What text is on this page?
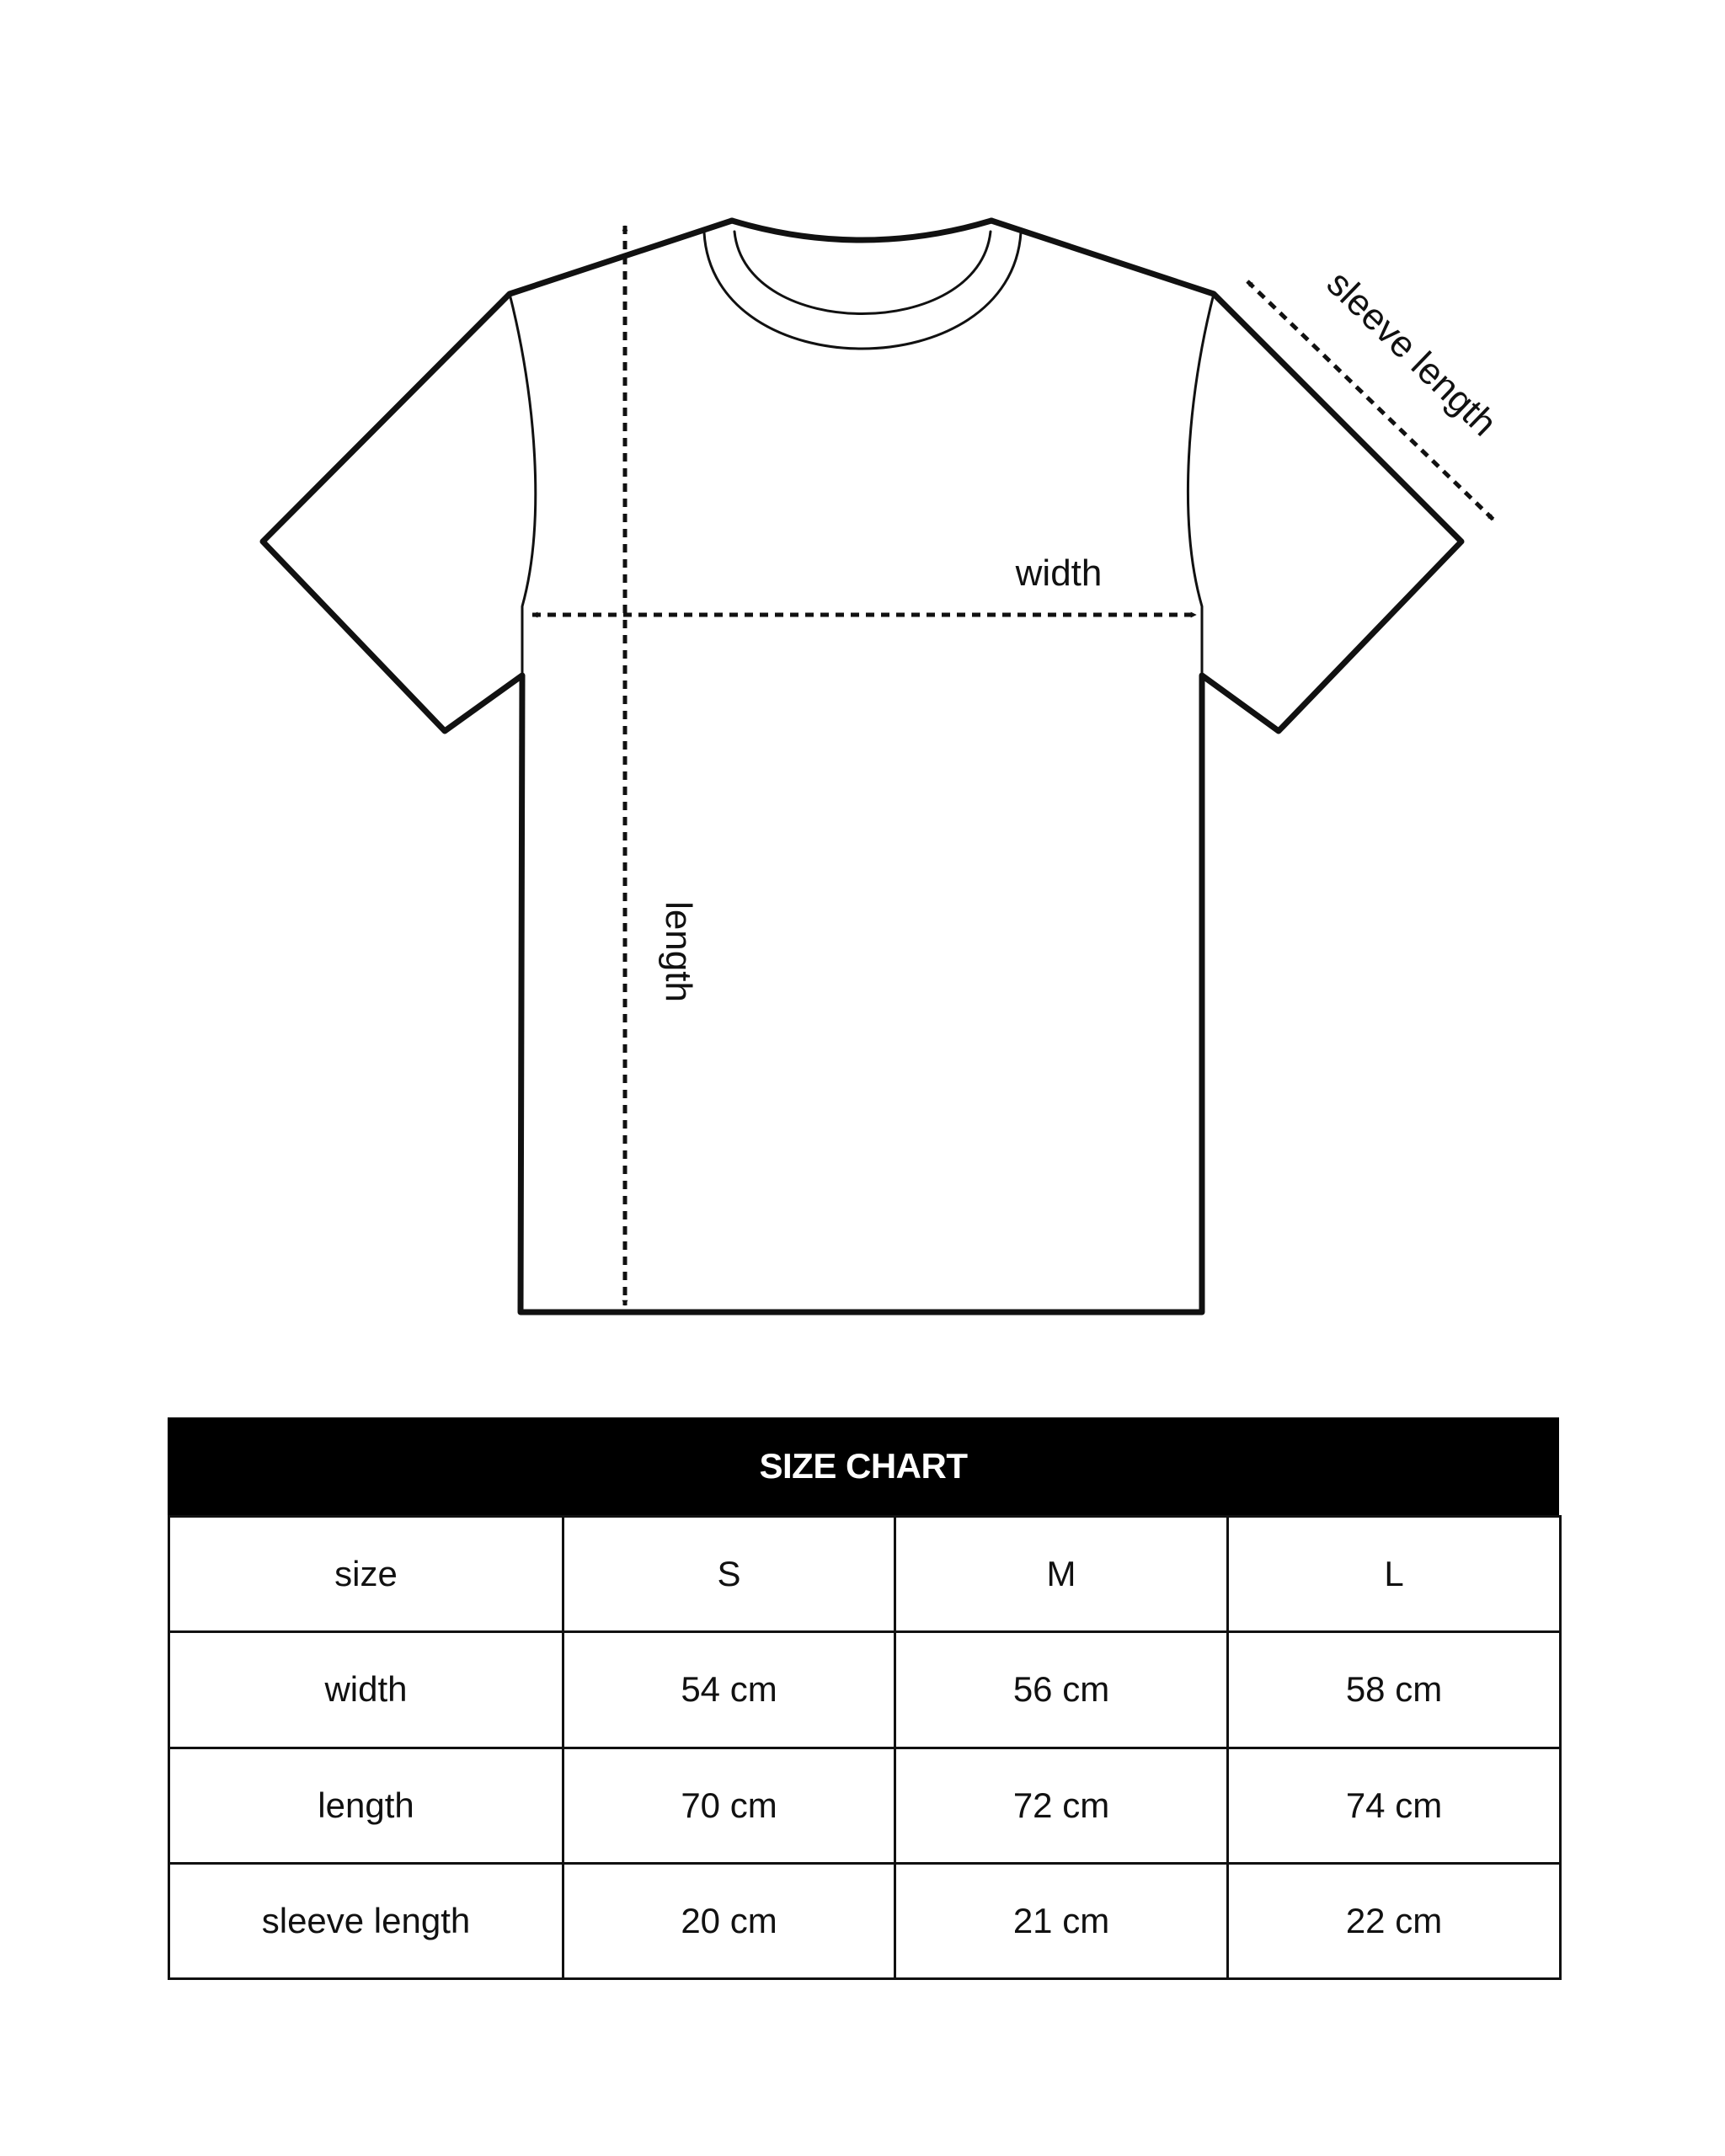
width
length
sleeve length
SIZE CHART
size	S	M	L
width	54 cm	56 cm	58 cm
length	70 cm	72 cm	74 cm
sleeve length	20 cm	21 cm	22 cm
